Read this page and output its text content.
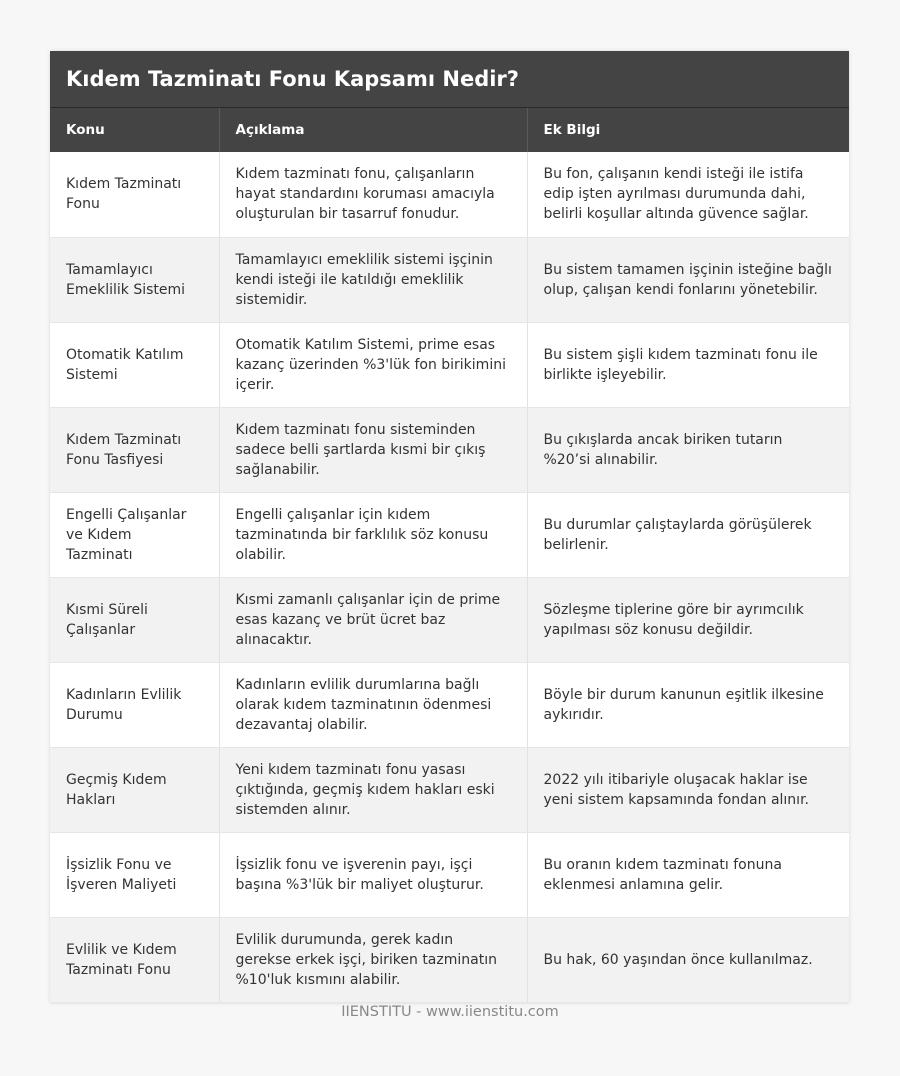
Kıdem Tazminatı Fonu Kapsamı Nedir?
Konu	Açıklama	Ek Bilgi
Kıdem Tazminatı Fonu	Kıdem tazminatı fonu, çalışanların hayat standardını koruması amacıyla oluşturulan bir tasarruf fonudur.	Bu fon, çalışanın kendi isteği ile istifa edip işten ayrılması durumunda dahi, belirli koşullar altında güvence sağlar.
Tamamlayıcı Emeklilik Sistemi	Tamamlayıcı emeklilik sistemi işçinin kendi isteği ile katıldığı emeklilik sistemidir.	Bu sistem tamamen işçinin isteğine bağlı olup, çalışan kendi fonlarını yönetebilir.
Otomatik Katılım Sistemi	Otomatik Katılım Sistemi, prime esas kazanç üzerinden %3'lük fon birikimini içerir.	Bu sistem şişli kıdem tazminatı fonu ile birlikte işleyebilir.
Kıdem Tazminatı Fonu Tasfiyesi	Kıdem tazminatı fonu sisteminden sadece belli şartlarda kısmi bir çıkış sağlanabilir.	Bu çıkışlarda ancak biriken tutarın %20’si alınabilir.
Engelli Çalışanlar ve Kıdem Tazminatı	Engelli çalışanlar için kıdem tazminatında bir farklılık söz konusu olabilir.	Bu durumlar çalıştaylarda görüşülerek belirlenir.
Kısmi Süreli Çalışanlar	Kısmi zamanlı çalışanlar için de prime esas kazanç ve brüt ücret baz alınacaktır.	Sözleşme tiplerine göre bir ayrımcılık yapılması söz konusu değildir.
Kadınların Evlilik Durumu	Kadınların evlilik durumlarına bağlı olarak kıdem tazminatının ödenmesi dezavantaj olabilir.	Böyle bir durum kanunun eşitlik ilkesine aykırıdır.
Geçmiş Kıdem Hakları	Yeni kıdem tazminatı fonu yasası çıktığında, geçmiş kıdem hakları eski sistemden alınır.	2022 yılı itibariyle oluşacak haklar ise yeni sistem kapsamında fondan alınır.
İşsizlik Fonu ve İşveren Maliyeti	İşsizlik fonu ve işverenin payı, işçi başına %3'lük bir maliyet oluşturur.	Bu oranın kıdem tazminatı fonuna eklenmesi anlamına gelir.
Evlilik ve Kıdem Tazminatı Fonu	Evlilik durumunda, gerek kadın gerekse erkek işçi, biriken tazminatın %10'luk kısmını alabilir.	Bu hak, 60 yaşından önce kullanılmaz.
IIENSTITU - www.iienstitu.com
